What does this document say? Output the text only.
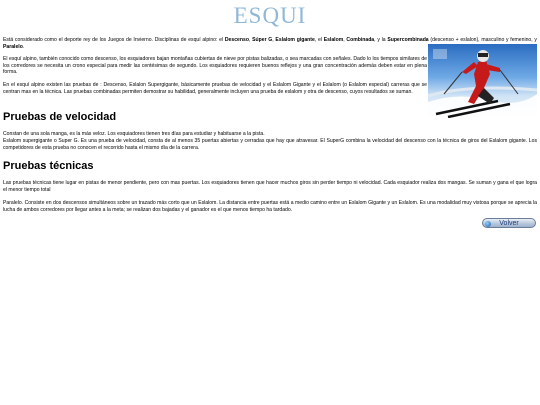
ESQUI

Está considerado como el deporte rey de los Juegos de Invierno. Disciplinas de esquí alpino: el Descenso, Súper G, Eslalom gigante, el Eslalom, Combinada, y la Supercombinada (descenso + eslalon), masculino y femenino, y Paralelo.

El esquí alpino, también conocido como descenso, los esquiadores bajan montañas cubiertas de nieve por pistas balizadas, o sea marcadas con señales. Dado lo los tiempos similares de los corredores se necesita un crono especial para medir las centésimas de segundo. Los esquiadores requieren buenos reflejos y una gran concentración además deben estar en plena forma.

En el esquí alpino existen las pruebas de : Descenso, Eslalon Supergigante, básicamente pruebas de velocidad y el Eslalom Gigante y el Eslalom (o Eslalom especial) carreras que se centran mas en la técnica. Las pruebas combinadas permiten demostrar su habilidad, generalmente incluyen una prueba de eslalom y otra de descenso, cuyos resultados se suman.

Pruebas de velocidad

Constan de una sola manga, es la más veloz. Los esquiadores tienen tres días para estudiar y habituarse a la pista.

Eslalom supergigante o Super G. Es una prueba de velocidad, consta de al menos 35 puertas abiertas y cerradas que hay que atravesar. El SuperG combina la velocidad del descenso con la técnica de giros del Eslalom gigante. Los competidores de esta prueba no conocen el recorrido hasta el mismo día de la carrera.

Pruebas técnicas

Las pruebas técnicas tiene lugar en pistas de menor pendiente, pero con mas puertas. Los esquiadores tienen que hacer muchos giros sin perder tiempo ni velocidad. Cada esquiador realiza dos mangas. Se suman y gana el que logra el menor tiempo total

Paralelo. Consiste en dos descensos simultáneos sobre un trazado más corto que un Eslalom. La distancia entre puertas está a medio camino entre un Eslalom Gigante y un Eslalom. Es una modalidad muy vistosa porque se aprecia la lucha de ambos corredores por llegar antes a la meta; se realizan dos bajadas y el ganador es el que menos tiempo ha tardado.

Volver
